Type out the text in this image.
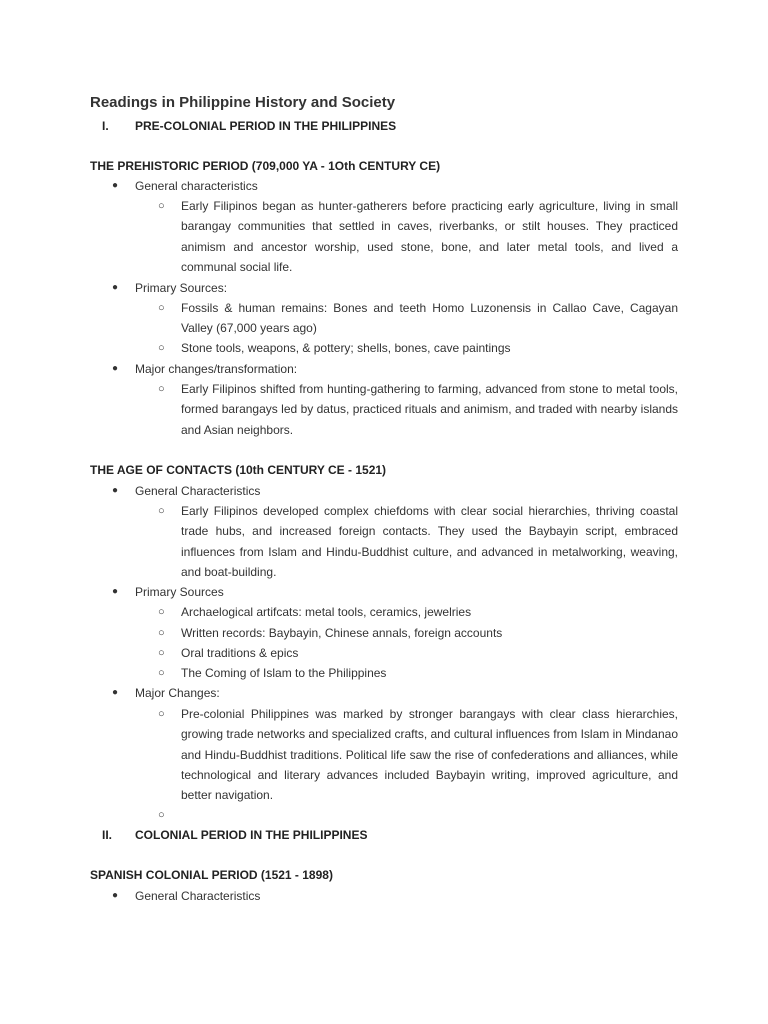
Readings in Philippine History and Society
I.	PRE-COLONIAL PERIOD IN THE PHILIPPINES
THE PREHISTORIC PERIOD (709,000 YA - 1Oth CENTURY CE)
● General characteristics
○ Early Filipinos began as hunter-gatherers before practicing early agriculture, living in small barangay communities that settled in caves, riverbanks, or stilt houses. They practiced animism and ancestor worship, used stone, bone, and later metal tools, and lived a communal social life.
● Primary Sources:
○ Fossils & human remains: Bones and teeth Homo Luzonensis in Callao Cave, Cagayan Valley (67,000 years ago)
○ Stone tools, weapons, & pottery; shells, bones, cave paintings
● Major changes/transformation:
○ Early Filipinos shifted from hunting-gathering to farming, advanced from stone to metal tools, formed barangays led by datus, practiced rituals and animism, and traded with nearby islands and Asian neighbors.
THE AGE OF CONTACTS (10th CENTURY CE - 1521)
● General Characteristics
○ Early Filipinos developed complex chiefdoms with clear social hierarchies, thriving coastal trade hubs, and increased foreign contacts. They used the Baybayin script, embraced influences from Islam and Hindu-Buddhist culture, and advanced in metalworking, weaving, and boat-building.
● Primary Sources
○ Archaelogical artifcats: metal tools, ceramics, jewelries
○ Written records: Baybayin, Chinese annals, foreign accounts
○ Oral traditions & epics
○ The Coming of Islam to the Philippines
● Major Changes:
○ Pre-colonial Philippines was marked by stronger barangays with clear class hierarchies, growing trade networks and specialized crafts, and cultural influences from Islam in Mindanao and Hindu-Buddhist traditions. Political life saw the rise of confederations and alliances, while technological and literary advances included Baybayin writing, improved agriculture, and better navigation.
○
II.	COLONIAL PERIOD IN THE PHILIPPINES
SPANISH COLONIAL PERIOD (1521 - 1898)
● General Characteristics
